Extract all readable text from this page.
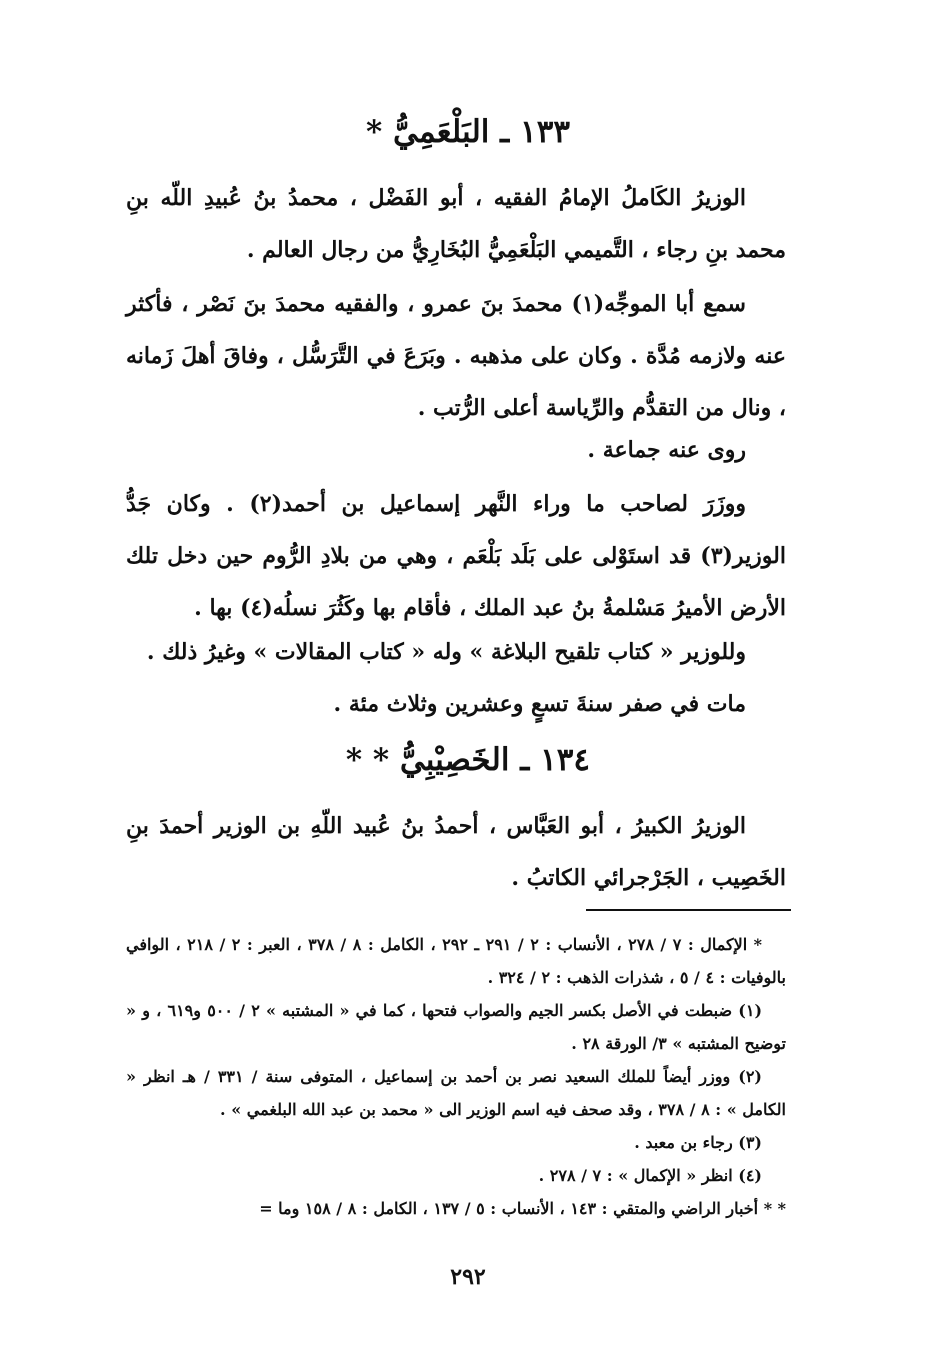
١٣٣ ـ البَلْعَمِيُّ *
الوزيرُ الكَاملُ الإمامُ الفقيه ، أبو الفَضْل ، محمدُ بنُ عُبيدِ اللّه بنِ محمد بنِ رجاء ، التَّميمي البَلْعَمِيُّ البُخَارِيُّ من رجال العالم .
سمع أبا الموجِّه(١) محمدَ بنَ عمرو ، والفقيه محمدَ بنَ نَصْر ، فأكثر عنه ولازمه مُدَّة . وكان على مذهبه . وبَرَعَ في التَّرَسُّل ، وفاقَ أهلَ زَمانه ، ونال من التقدُّم والرِّياسة أعلى الرُّتب .
روى عنه جماعة .
ووزَرَ لصاحب ما وراء النَّهر إسماعيل بن أحمد(٢) . وكان جَدُّ الوزير(٣) قد استَوْلى على بَلَد بَلْعَم ، وهي من بلادِ الرُّوم حين دخل تلك الأرض الأميرُ مَسْلمةُ بنُ عبد الملك ، فأقام بها وكَثُرَ نسلُه(٤) بها .
وللوزير « كتاب تلقيح البلاغة » وله « كتاب المقالات » وغيرُ ذلك .
مات في صفر سنةَ تسعٍ وعشرين وثلاث مئة .
١٣٤ ـ الخَصِيْبِيُّ * *
الوزيرُ الكبيرُ ، أبو العَبَّاس ، أحمدُ بنُ عُبيد اللّهِ بن الوزير أحمدَ بنِ الخَصِيب ، الجَرْجرائي الكاتبُ .

* الإكمال : ٧ / ٢٧٨ ، الأنساب : ٢ / ٢٩١ ـ ٢٩٢ ، الكامل : ٨ / ٣٧٨ ، العبر : ٢ / ٢١٨ ، الوافي بالوفيات : ٤ / ٥ ، شذرات الذهب : ٢ / ٣٢٤ .

(١) ضبطت في الأصل بكسر الجيم والصواب فتحها ، كما في « المشتبه » ٢ / ٥٠٠ و٦١٩ ، و « توضيح المشتبه » ٣/ الورقة ٢٨ .

(٢) ووزر أيضاً للملك السعيد نصر بن أحمد بن إسماعيل ، المتوفى سنة / ٣٣١ / هـ انظر « الكامل » : ٨ / ٣٧٨ ، وقد صحف فيه اسم الوزير الى « محمد بن عبد الله البلغمي » .

(٣) رجاء بن معبد .

(٤) انظر « الإكمال » : ٧ / ٢٧٨ .

* * أخبار الراضي والمتقي : ١٤٣ ، الأنساب : ٥ / ١٣٧ ، الكامل : ٨ / ١٥٨ وما =

٢٩٢
